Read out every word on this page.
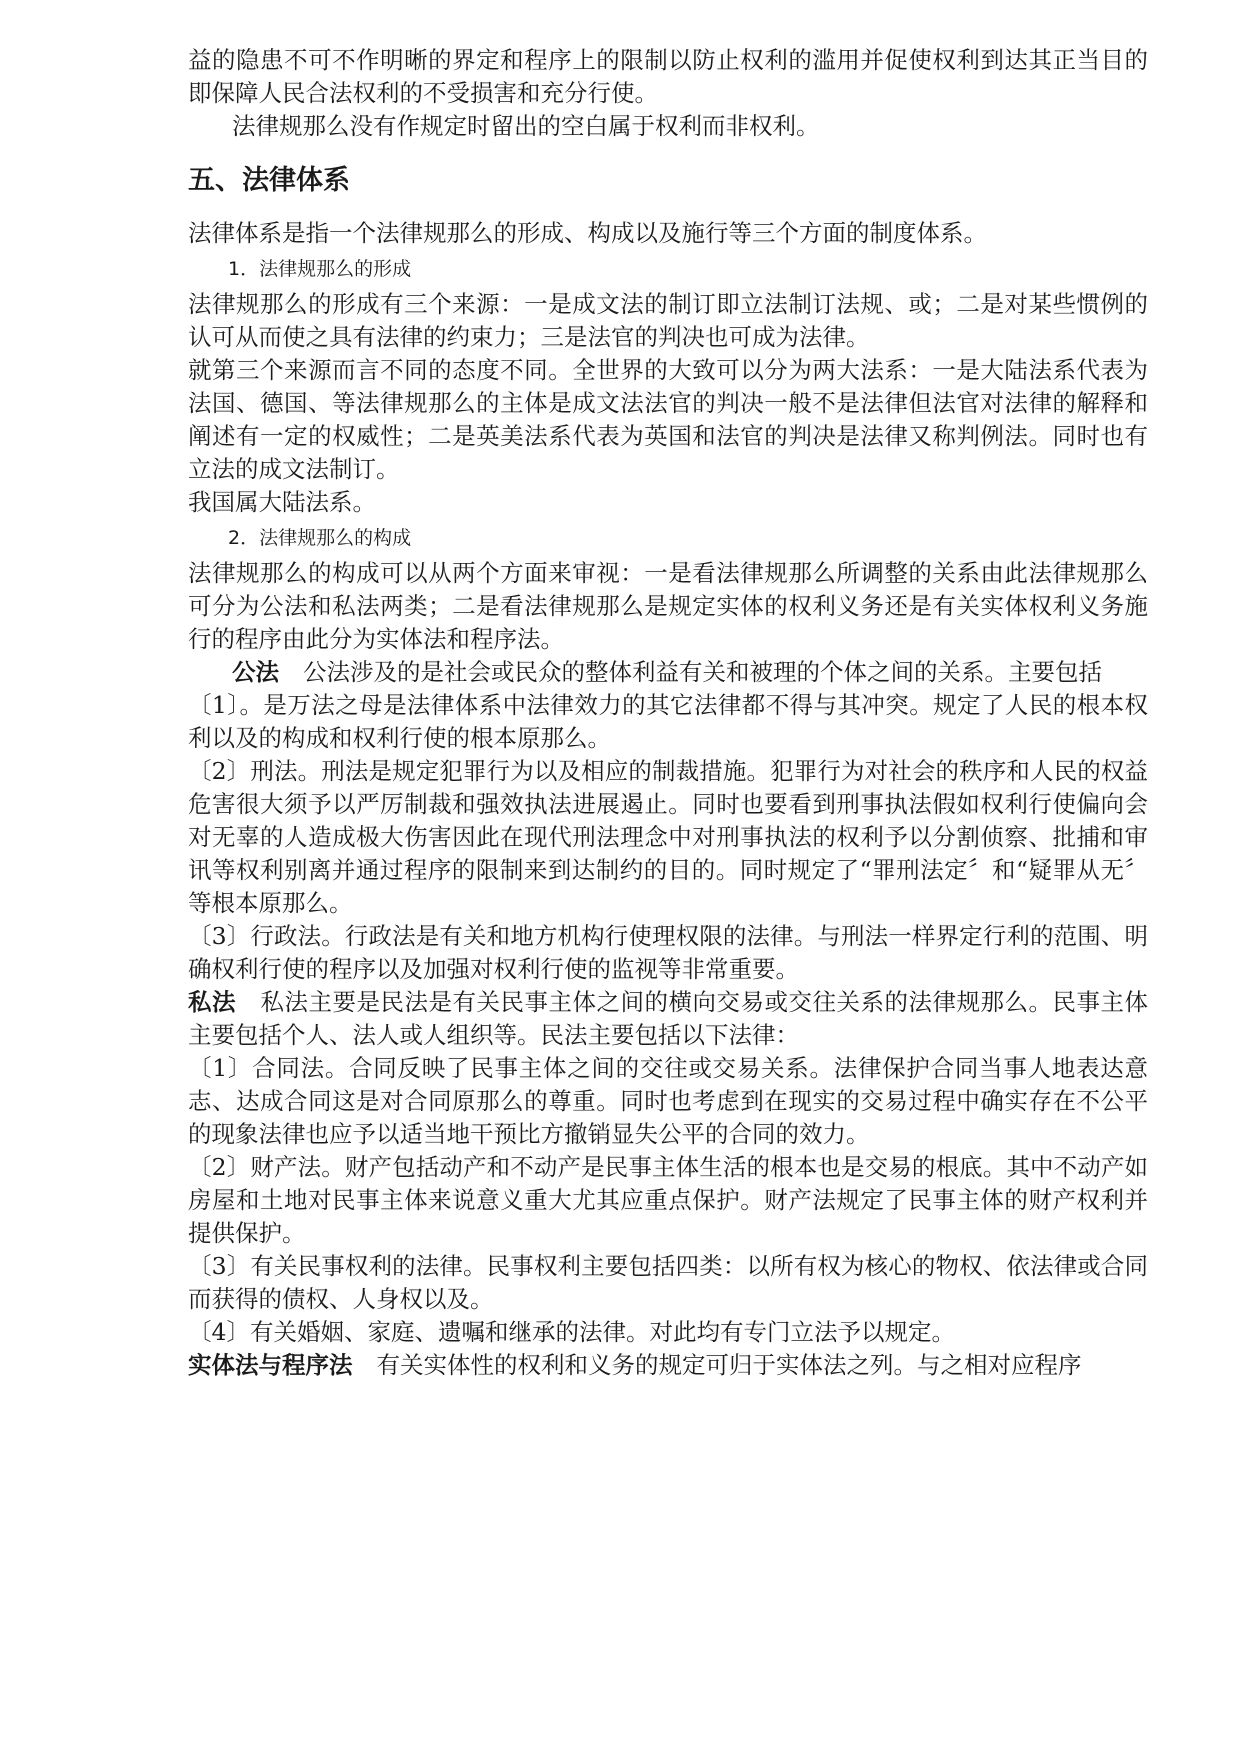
益的隐患不可不作明晰的界定和程序上的限制以防止权利的滥用并促使权利到达其正当目的即保障人民合法权利的不受损害和充分行使。

法律规那么没有作规定时留出的空白属于权利而非权利。

五、法律体系

法律体系是指一个法律规那么的形成、构成以及施行等三个方面的制度体系。

1．法律规那么的形成

法律规那么的形成有三个来源：一是成文法的制订即立法制订法规、或；二是对某些惯例的认可从而使之具有法律的约束力；三是法官的判决也可成为法律。

就第三个来源而言不同的态度不同。全世界的大致可以分为两大法系：一是大陆法系代表为法国、德国、等法律规那么的主体是成文法法官的判决一般不是法律但法官对法律的解释和阐述有一定的权威性；二是英美法系代表为英国和法官的判决是法律又称判例法。同时也有立法的成文法制订。

我国属大陆法系。

2．法律规那么的构成

法律规那么的构成可以从两个方面来审视：一是看法律规那么所调整的关系由此法律规那么可分为公法和私法两类；二是看法律规那么是规定实体的权利义务还是有关实体权利义务施行的程序由此分为实体法和程序法。

公法 公法涉及的是社会或民众的整体利益有关和被理的个体之间的关系。主要包括

〔1〕。是万法之母是法律体系中法律效力的其它法律都不得与其冲突。规定了人民的根本权利以及的构成和权利行使的根本原那么。

〔2〕刑法。刑法是规定犯罪行为以及相应的制裁措施。犯罪行为对社会的秩序和人民的权益危害很大须予以严厉制裁和强效执法进展遏止。同时也要看到刑事执法假如权利行使偏向会对无辜的人造成极大伤害因此在现代刑法理念中对刑事执法的权利予以分割侦察、批捕和审讯等权利别离并通过程序的限制来到达制约的目的。同时规定了“罪刑法定〞和“疑罪从无〞等根本原那么。

〔3〕行政法。行政法是有关和地方机构行使理权限的法律。与刑法一样界定行利的范围、明确权利行使的程序以及加强对权利行使的监视等非常重要。

私法 私法主要是民法是有关民事主体之间的横向交易或交往关系的法律规那么。民事主体主要包括个人、法人或人组织等。民法主要包括以下法律：

〔1〕合同法。合同反映了民事主体之间的交往或交易关系。法律保护合同当事人地表达意志、达成合同这是对合同原那么的尊重。同时也考虑到在现实的交易过程中确实存在不公平的现象法律也应予以适当地干预比方撤销显失公平的合同的效力。

〔2〕财产法。财产包括动产和不动产是民事主体生活的根本也是交易的根底。其中不动产如房屋和土地对民事主体来说意义重大尤其应重点保护。财产法规定了民事主体的财产权利并提供保护。

〔3〕有关民事权利的法律。民事权利主要包括四类：以所有权为核心的物权、依法律或合同而获得的债权、人身权以及。

〔4〕有关婚姻、家庭、遗嘱和继承的法律。对此均有专门立法予以规定。

实体法与程序法 有关实体性的权利和义务的规定可归于实体法之列。与之相对应程序
